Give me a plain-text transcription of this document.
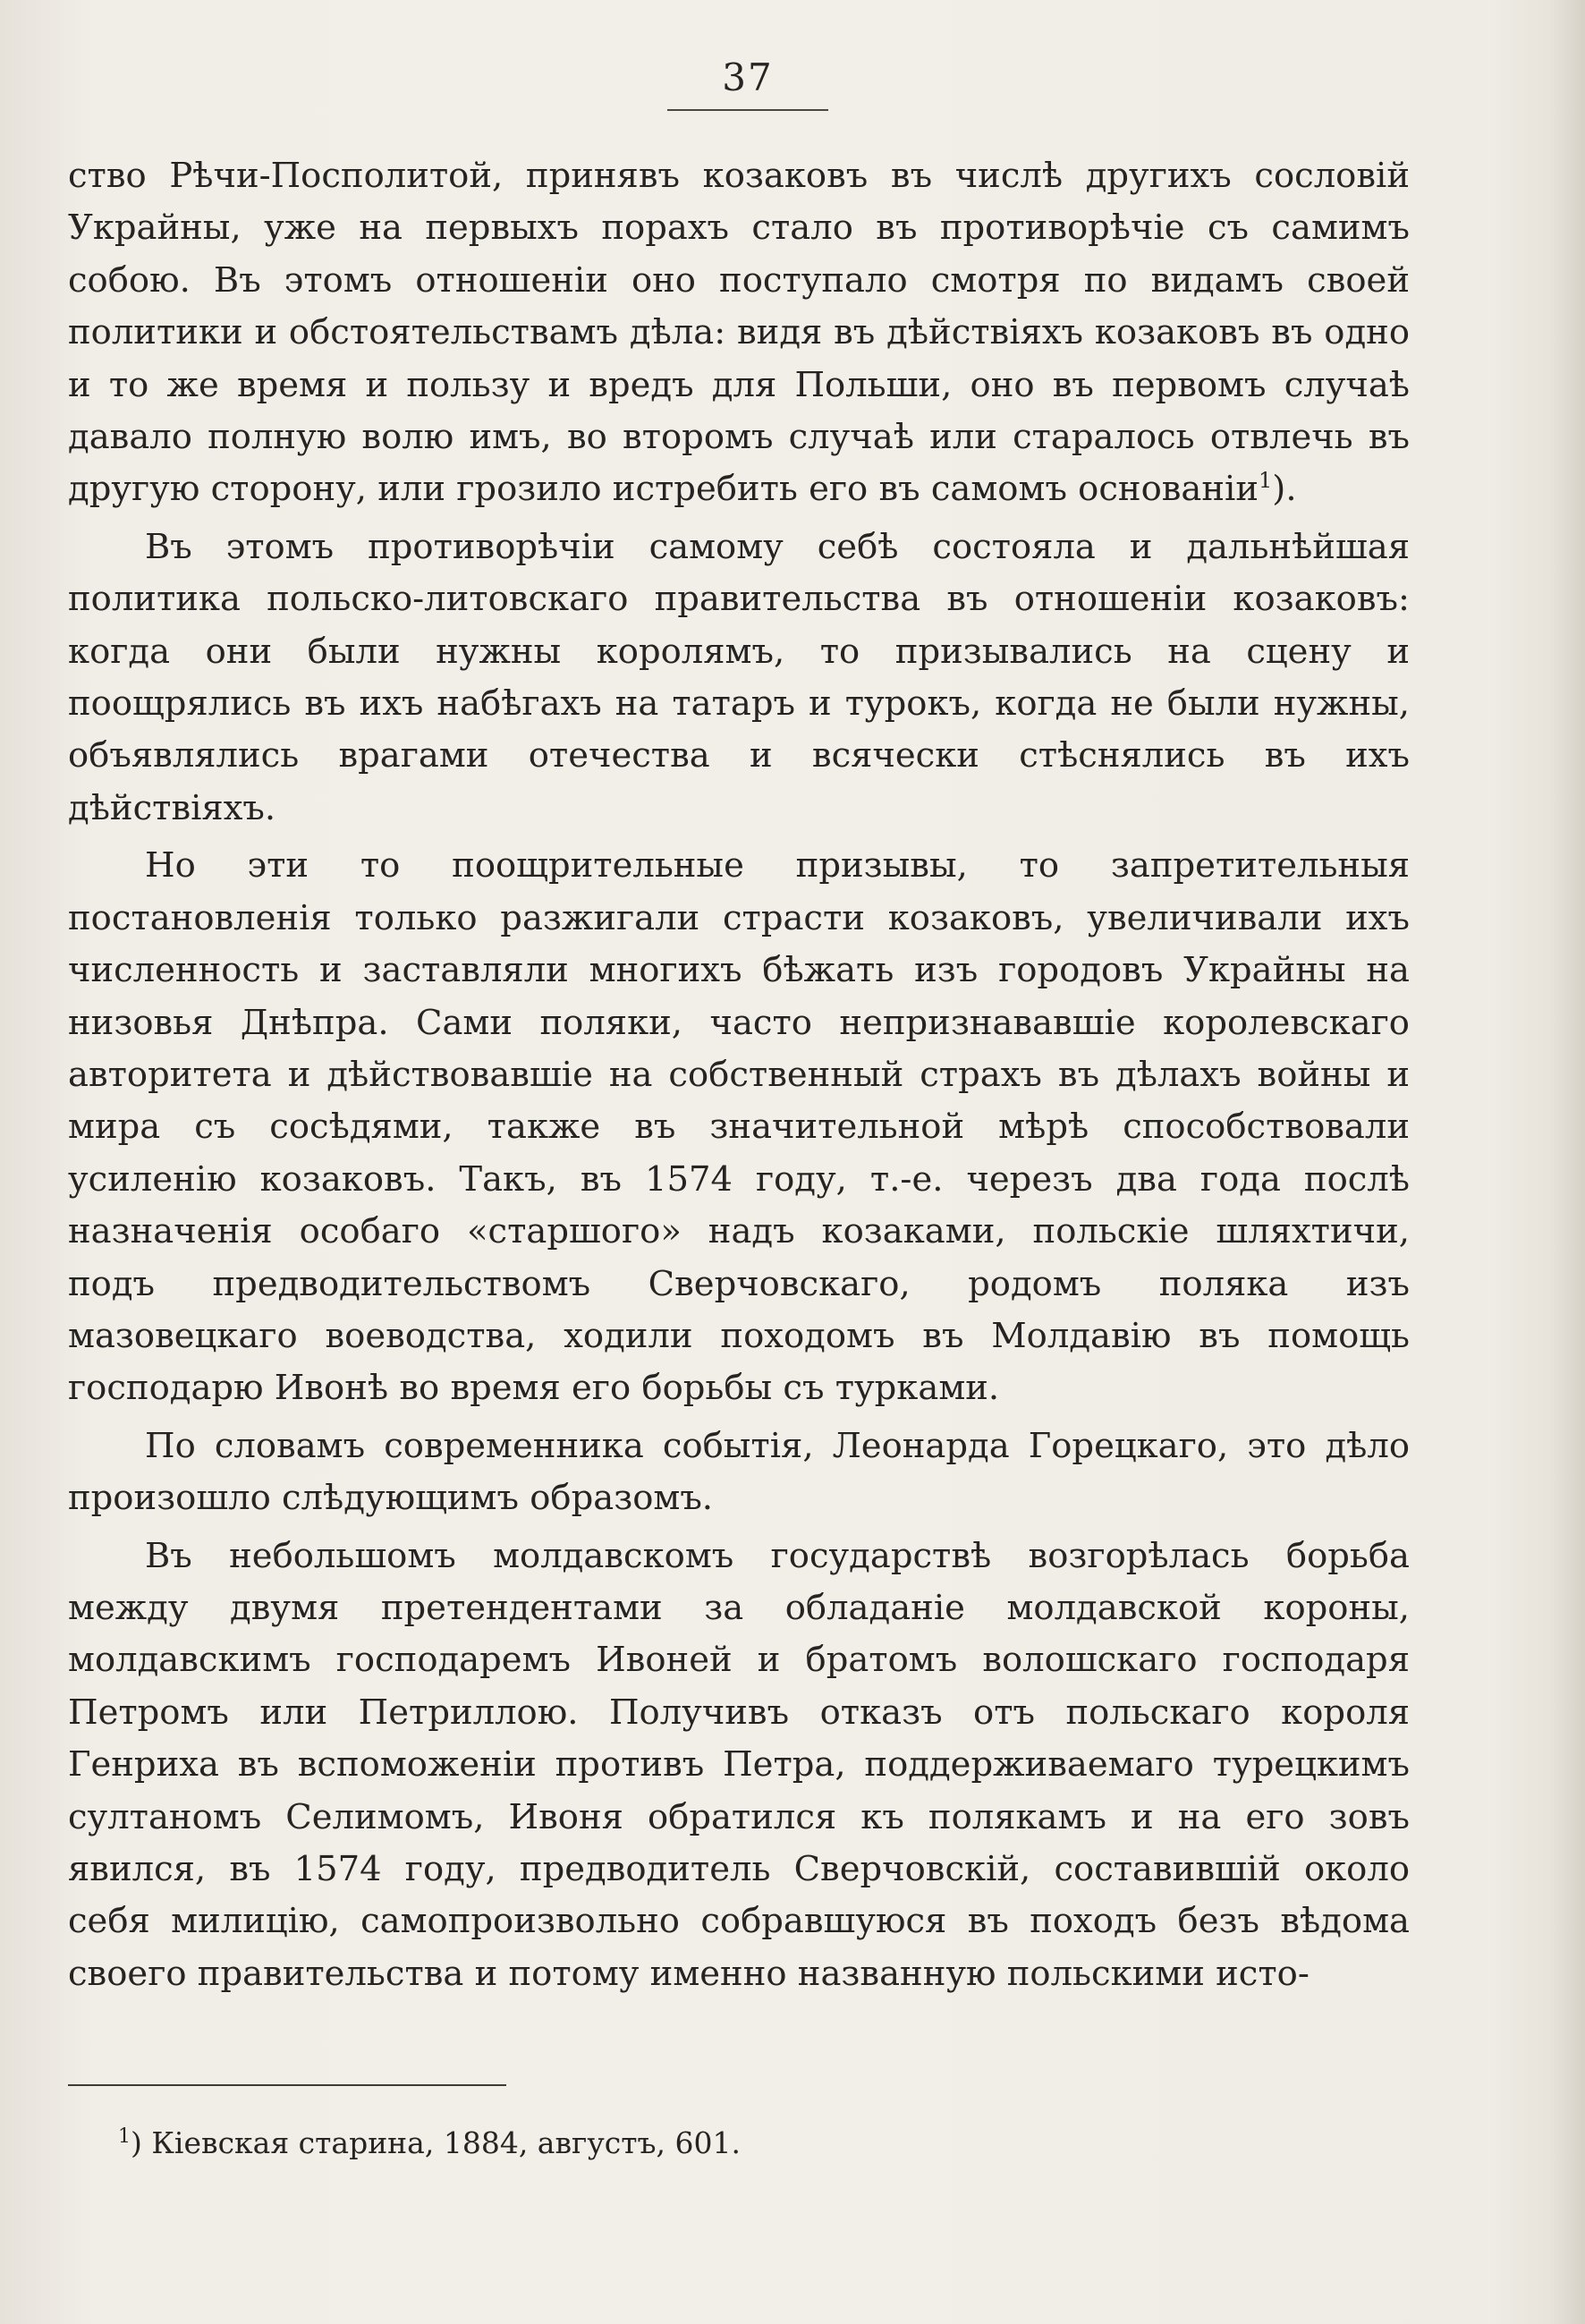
37

ство Рѣчи-Посполитой, принявъ козаковъ въ числѣ другихъ сословій Украйны, уже на первыхъ порахъ стало въ противорѣчіе съ самимъ собою. Въ этомъ отношеніи оно поступало смотря по видамъ своей политики и обстоятельствамъ дѣла: видя въ дѣйствіяхъ козаковъ въ одно и то же время и пользу и вредъ для Польши, оно въ первомъ случаѣ давало полную волю имъ, во второмъ случаѣ или старалось отвлечь въ другую сторону, или грозило истребить его въ самомъ основаніи$^1$).

Въ этомъ противорѣчіи самому себѣ состояла и дальнѣйшая политика польско-литовскаго правительства въ отношеніи козаковъ: когда они были нужны королямъ, то призывались на сцену и поощрялись въ ихъ набѣгахъ на татаръ и турокъ, когда не были нужны, объявлялись врагами отечества и всячески стѣснялись въ ихъ дѣйствіяхъ.

Но эти то поощрительные призывы, то запретительныя постановленія только разжигали страсти козаковъ, увеличивали ихъ численность и заставляли многихъ бѣжать изъ городовъ Украйны на низовья Днѣпра. Сами поляки, часто непризнававшіе королевскаго авторитета и дѣйствовавшіе на собственный страхъ въ дѣлахъ войны и мира съ сосѣдями, также въ значительной мѣрѣ способствовали усиленію козаковъ. Такъ, въ 1574 году, т.-е. черезъ два года послѣ назначенія особаго «старшого» надъ козаками, польскіе шляхтичи, подъ предводительствомъ Сверчовскаго, родомъ поляка изъ мазовецкаго воеводства, ходили походомъ въ Молдавію въ помощь господарю Ивонѣ во время его борьбы съ турками.

По словамъ современника событія, Леонарда Горецкаго, это дѣло произошло слѣдующимъ образомъ.

Въ небольшомъ молдавскомъ государствѣ возгорѣлась борьба между двумя претендентами за обладаніе молдавской короны, молдавскимъ господаремъ Ивоней и братомъ волошскаго господаря Петромъ или Петриллою. Получивъ отказъ отъ польскаго короля Генриха въ вспоможеніи противъ Петра, поддерживаемаго турецкимъ султаномъ Селимомъ, Ивоня обратился къ полякамъ и на его зовъ явился, въ 1574 году, предводитель Сверчовскій, составившій около себя милицію, самопроизвольно собравшуюся въ походъ безъ вѣдома своего правительства и потому именно названную польскими исто-

$^1$) Кіевская старина, 1884, августъ, 601.
